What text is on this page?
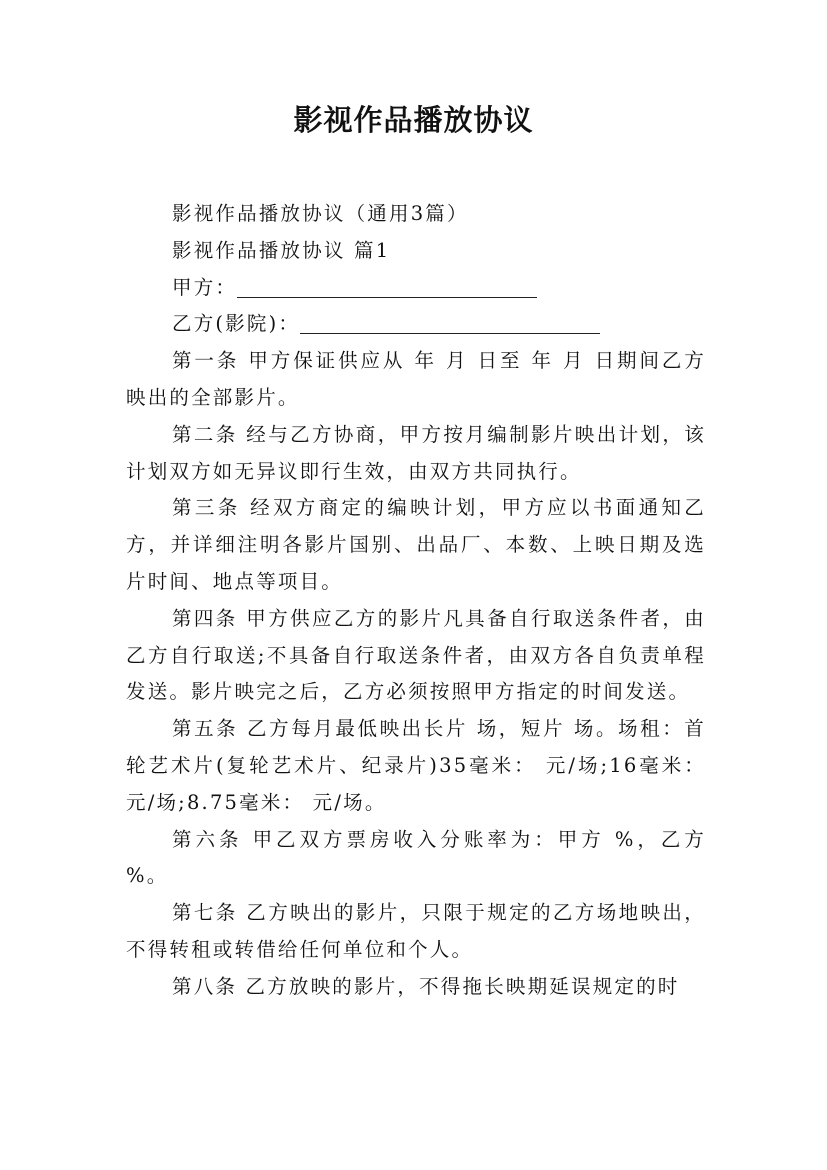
影视作品播放协议

影视作品播放协议（通用3篇）

影视作品播放协议 篇1

甲方：

乙方(影院)：

第一条 甲方保证供应从 年 月 日至 年 月 日期间乙方映出的全部影片。

第二条 经与乙方协商，甲方按月编制影片映出计划，该计划双方如无异议即行生效，由双方共同执行。

第三条 经双方商定的编映计划，甲方应以书面通知乙方，并详细注明各影片国别、出品厂、本数、上映日期及选片时间、地点等项目。

第四条 甲方供应乙方的影片凡具备自行取送条件者，由乙方自行取送;不具备自行取送条件者，由双方各自负责单程发送。影片映完之后，乙方必须按照甲方指定的时间发送。

第五条 乙方每月最低映出长片 场，短片 场。场租：首轮艺术片(复轮艺术片、纪录片)35毫米： 元/场;16毫米： 元/场;8.75毫米： 元/场。

第六条 甲乙双方票房收入分账率为：甲方 %，乙方 %。

第七条 乙方映出的影片，只限于规定的乙方场地映出，不得转租或转借给任何单位和个人。

第八条 乙方放映的影片，不得拖长映期延误规定的时
